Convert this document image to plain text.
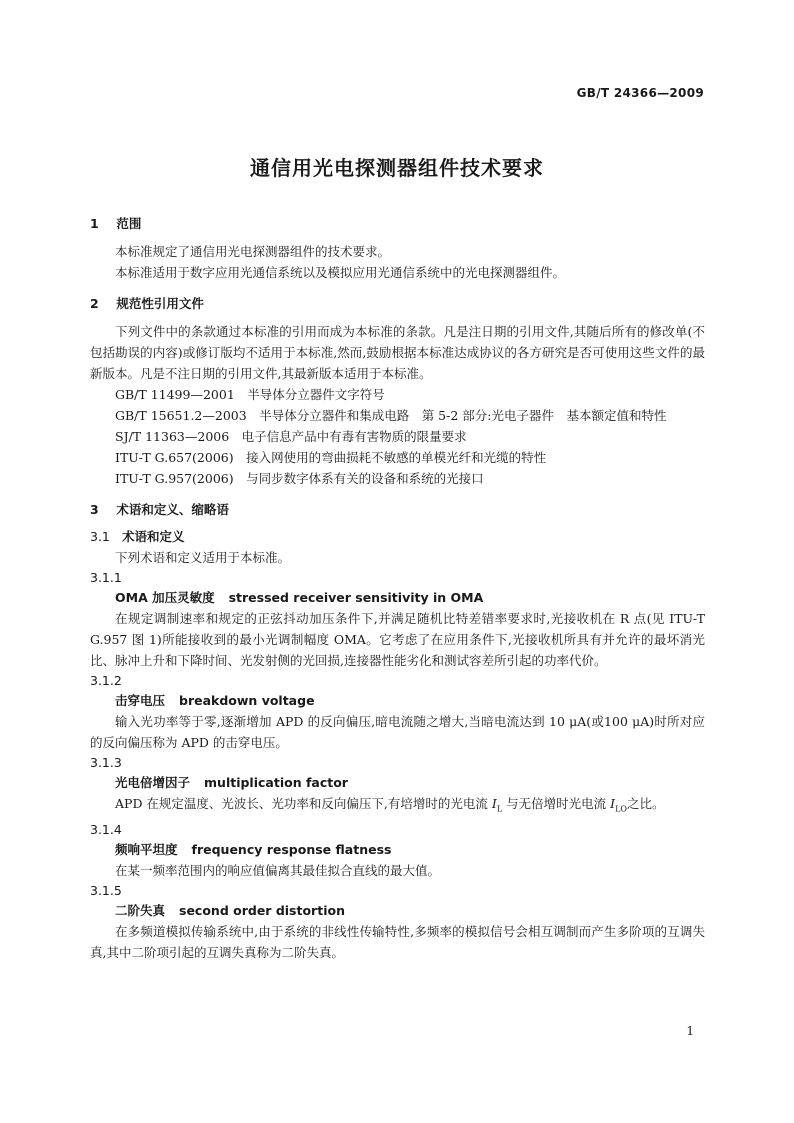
GB/T 24366—2009
通信用光电探测器组件技术要求
1 范围

本标准规定了通信用光电探测器组件的技术要求。

本标准适用于数字应用光通信系统以及模拟应用光通信系统中的光电探测器组件。

2 规范性引用文件

下列文件中的条款通过本标准的引用而成为本标准的条款。凡是注日期的引用文件,其随后所有的修改单(不包括勘误的内容)或修订版均不适用于本标准,然而,鼓励根据本标准达成协议的各方研究是否可使用这些文件的最新版本。凡是不注日期的引用文件,其最新版本适用于本标准。

GB/T 11499—2001　半导体分立器件文字符号

GB/T 15651.2—2003　半导体分立器件和集成电路　第 5-2 部分:光电子器件　基本额定值和特性

SJ/T 11363—2006　电子信息产品中有毒有害物质的限量要求

ITU-T G.657(2006)　接入网使用的弯曲损耗不敏感的单模光纤和光缆的特性

ITU-T G.957(2006)　与同步数字体系有关的设备和系统的光接口

3 术语和定义、缩略语
3.1 术语和定义

下列术语和定义适用于本标准。

3.1.1
OMA 加压灵敏度 stressed receiver sensitivity in OMA

在规定调制速率和规定的正弦抖动加压条件下,并满足随机比特差错率要求时,光接收机在 R 点(见 ITU-T G.957 图 1)所能接收到的最小光调制幅度 OMA。它考虑了在应用条件下,光接收机所具有并允许的最坏消光比、脉冲上升和下降时间、光发射侧的光回损,连接器性能劣化和测试容差所引起的功率代价。

3.1.2
击穿电压 breakdown voltage

输入光功率等于零,逐渐增加 APD 的反向偏压,暗电流随之增大,当暗电流达到 10 μA(或100 μA)时所对应的反向偏压称为 APD 的击穿电压。

3.1.3
光电倍增因子 multiplication factor

APD 在规定温度、光波长、光功率和反向偏压下,有培增时的光电流 $I_L$ 与无倍增时光电流 $I_{LO}$之比。

3.1.4
频响平坦度 frequency response flatness

在某一频率范围内的响应值偏离其最佳拟合直线的最大值。

3.1.5
二阶失真 second order distortion

在多频道模拟传输系统中,由于系统的非线性传输特性,多频率的模拟信号会相互调制而产生多阶项的互调失真,其中二阶项引起的互调失真称为二阶失真。

1
